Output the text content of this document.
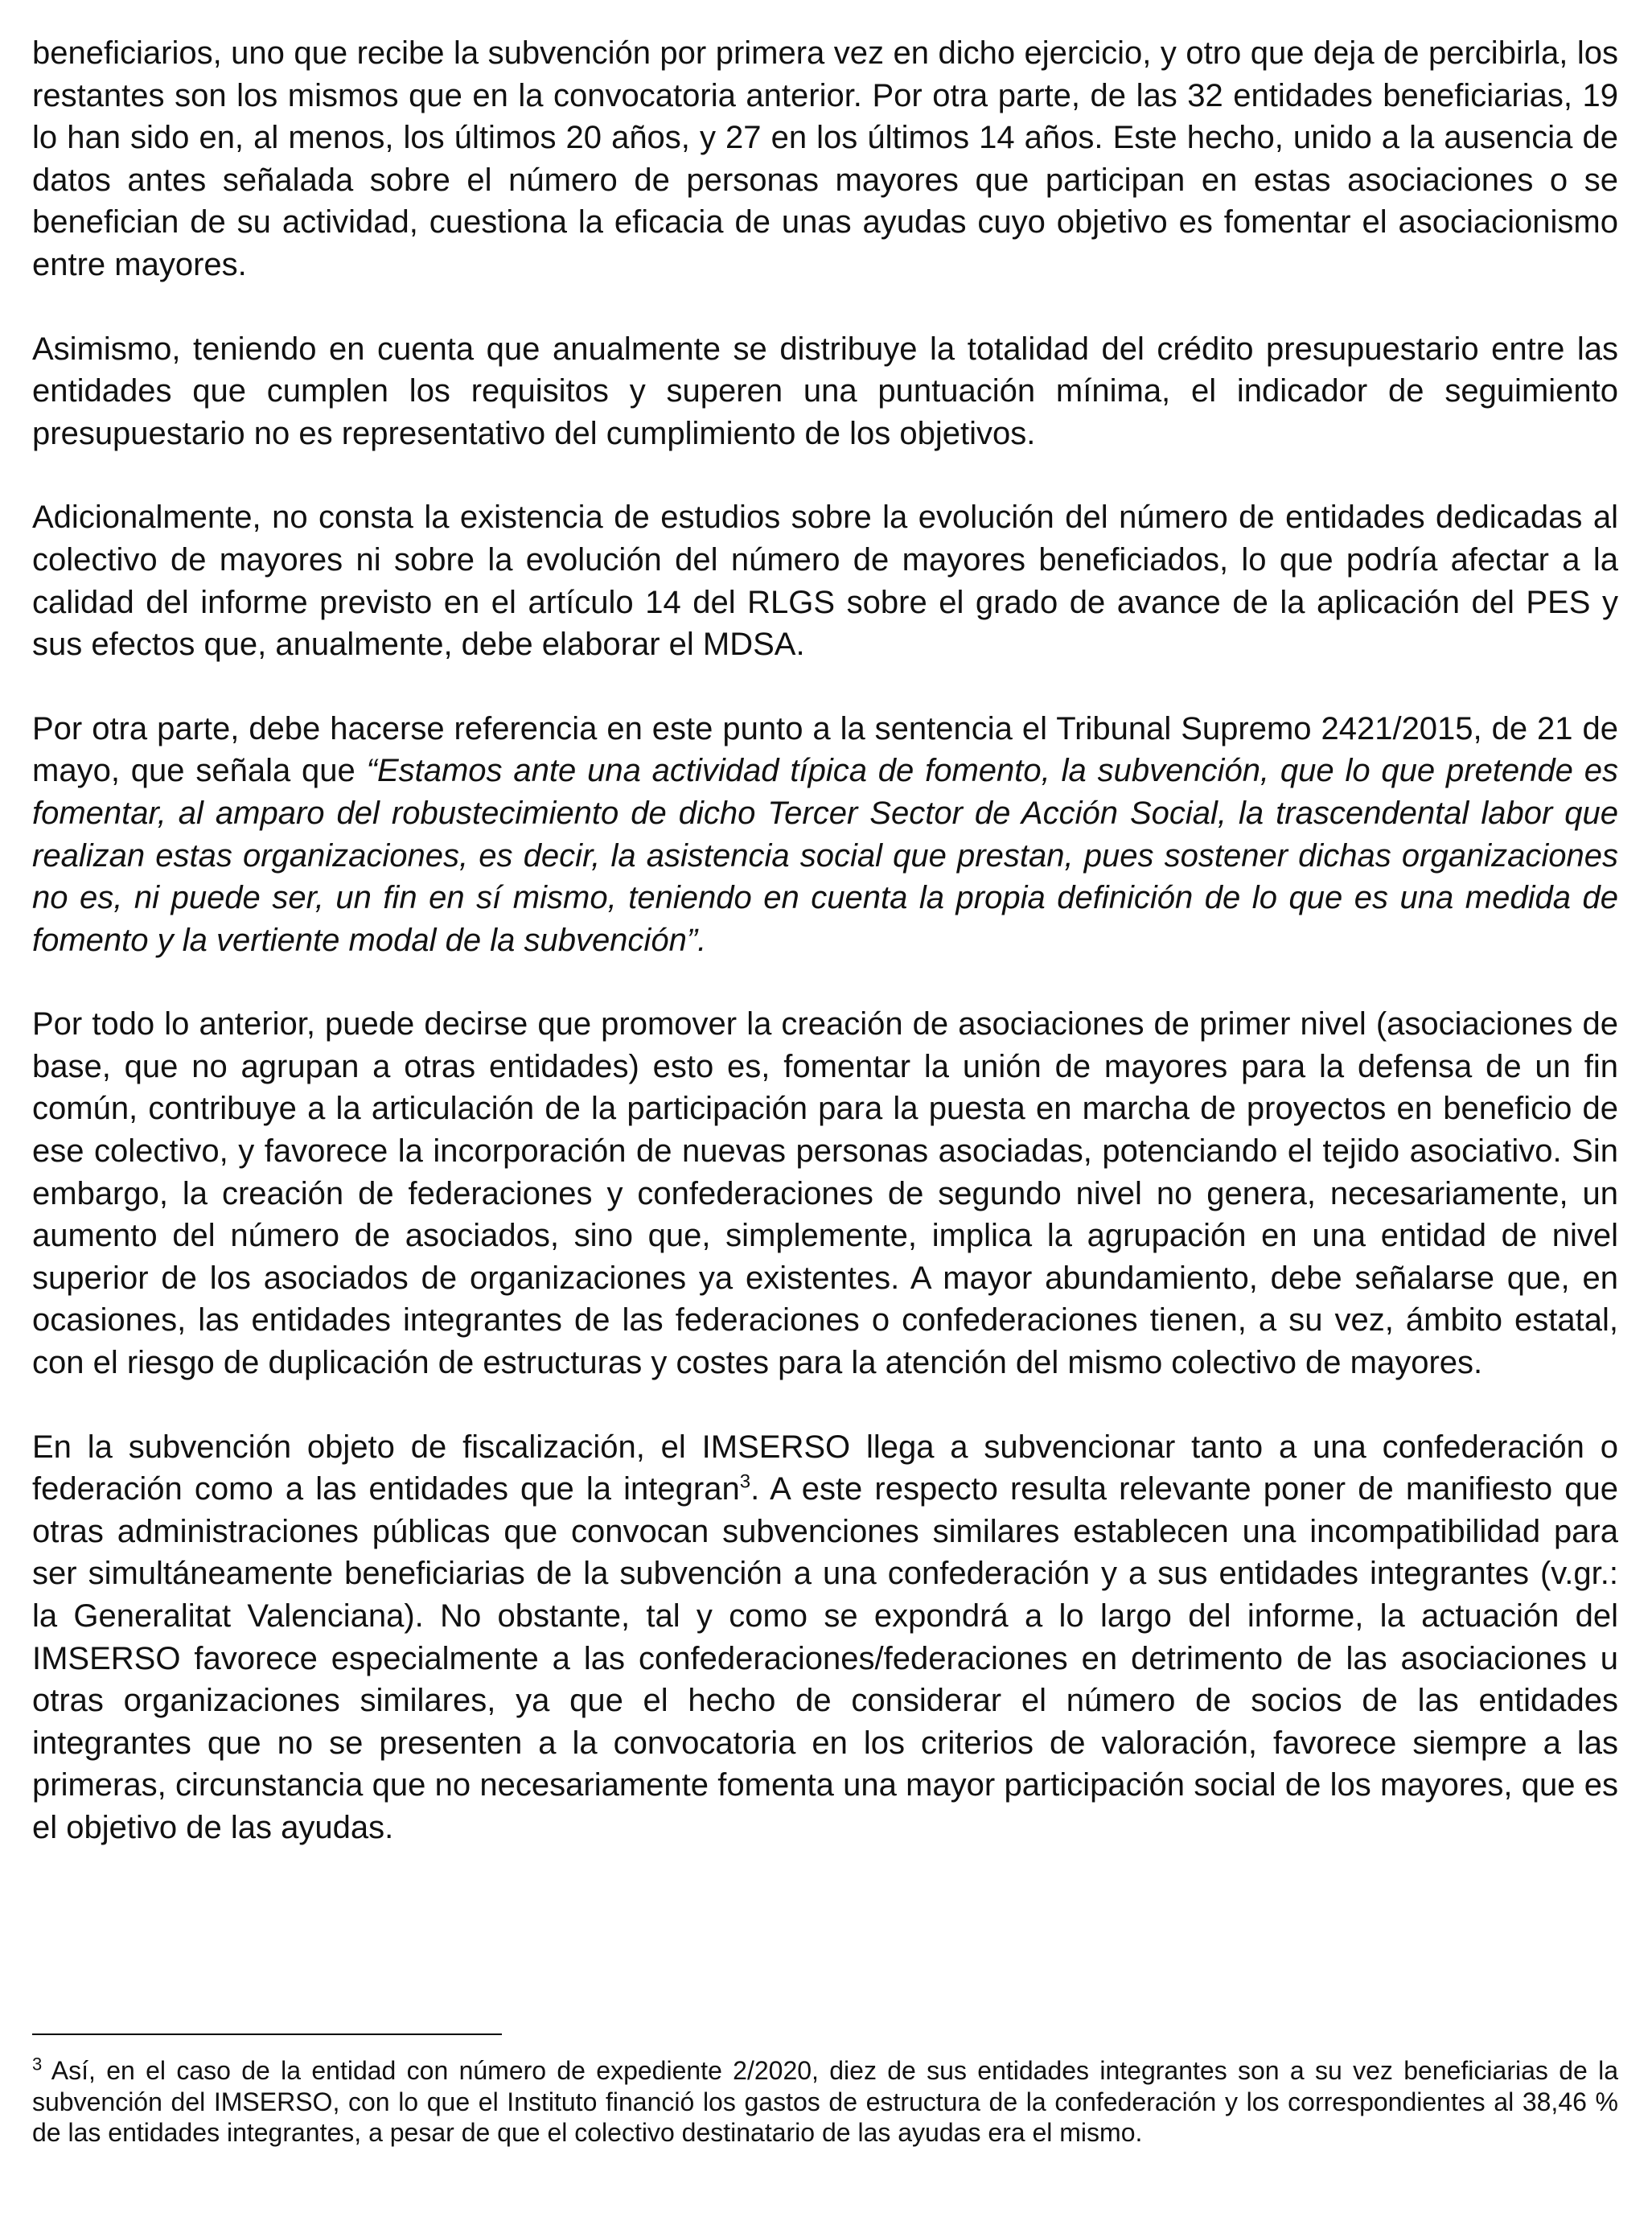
beneficiarios, uno que recibe la subvención por primera vez en dicho ejercicio, y otro que deja de percibirla, los restantes son los mismos que en la convocatoria anterior. Por otra parte, de las 32 entidades beneficiarias, 19 lo han sido en, al menos, los últimos 20 años, y 27 en los últimos 14 años. Este hecho, unido a la ausencia de datos antes señalada sobre el número de personas mayores que participan en estas asociaciones o se benefician de su actividad, cuestiona la eficacia de unas ayudas cuyo objetivo es fomentar el asociacionismo entre mayores.

Asimismo, teniendo en cuenta que anualmente se distribuye la totalidad del crédito presupuestario entre las entidades que cumplen los requisitos y superen una puntuación mínima, el indicador de seguimiento presupuestario no es representativo del cumplimiento de los objetivos.

Adicionalmente, no consta la existencia de estudios sobre la evolución del número de entidades dedicadas al colectivo de mayores ni sobre la evolución del número de mayores beneficiados, lo que podría afectar a la calidad del informe previsto en el artículo 14 del RLGS sobre el grado de avance de la aplicación del PES y sus efectos que, anualmente, debe elaborar el MDSA.

Por otra parte, debe hacerse referencia en este punto a la sentencia el Tribunal Supremo 2421/2015, de 21 de mayo, que señala que “Estamos ante una actividad típica de fomento, la subvención, que lo que pretende es fomentar, al amparo del robustecimiento de dicho Tercer Sector de Acción Social, la trascendental labor que realizan estas organizaciones, es decir, la asistencia social que prestan, pues sostener dichas organizaciones no es, ni puede ser, un fin en sí mismo, teniendo en cuenta la propia definición de lo que es una medida de fomento y la vertiente modal de la subvención”.

Por todo lo anterior, puede decirse que promover la creación de asociaciones de primer nivel (asociaciones de base, que no agrupan a otras entidades) esto es, fomentar la unión de mayores para la defensa de un fin común, contribuye a la articulación de la participación para la puesta en marcha de proyectos en beneficio de ese colectivo, y favorece la incorporación de nuevas personas asociadas, potenciando el tejido asociativo. Sin embargo, la creación de federaciones y confederaciones de segundo nivel no genera, necesariamente, un aumento del número de asociados, sino que, simplemente, implica la agrupación en una entidad de nivel superior de los asociados de organizaciones ya existentes. A mayor abundamiento, debe señalarse que, en ocasiones, las entidades integrantes de las federaciones o confederaciones tienen, a su vez, ámbito estatal, con el riesgo de duplicación de estructuras y costes para la atención del mismo colectivo de mayores.

En la subvención objeto de fiscalización, el IMSERSO llega a subvencionar tanto a una confederación o federación como a las entidades que la integran$^3$. A este respecto resulta relevante poner de manifiesto que otras administraciones públicas que convocan subvenciones similares establecen una incompatibilidad para ser simultáneamente beneficiarias de la subvención a una confederación y a sus entidades integrantes (v.gr.: la Generalitat Valenciana). No obstante, tal y como se expondrá a lo largo del informe, la actuación del IMSERSO favorece especialmente a las confederaciones/federaciones en detrimento de las asociaciones u otras organizaciones similares, ya que el hecho de considerar el número de socios de las entidades integrantes que no se presenten a la convocatoria en los criterios de valoración, favorece siempre a las primeras, circunstancia que no necesariamente fomenta una mayor participación social de los mayores, que es el objetivo de las ayudas.

$^3$ Así, en el caso de la entidad con número de expediente 2/2020, diez de sus entidades integrantes son a su vez beneficiarias de la subvención del IMSERSO, con lo que el Instituto financió los gastos de estructura de la confederación y los correspondientes al 38,46 % de las entidades integrantes, a pesar de que el colectivo destinatario de las ayudas era el mismo.
